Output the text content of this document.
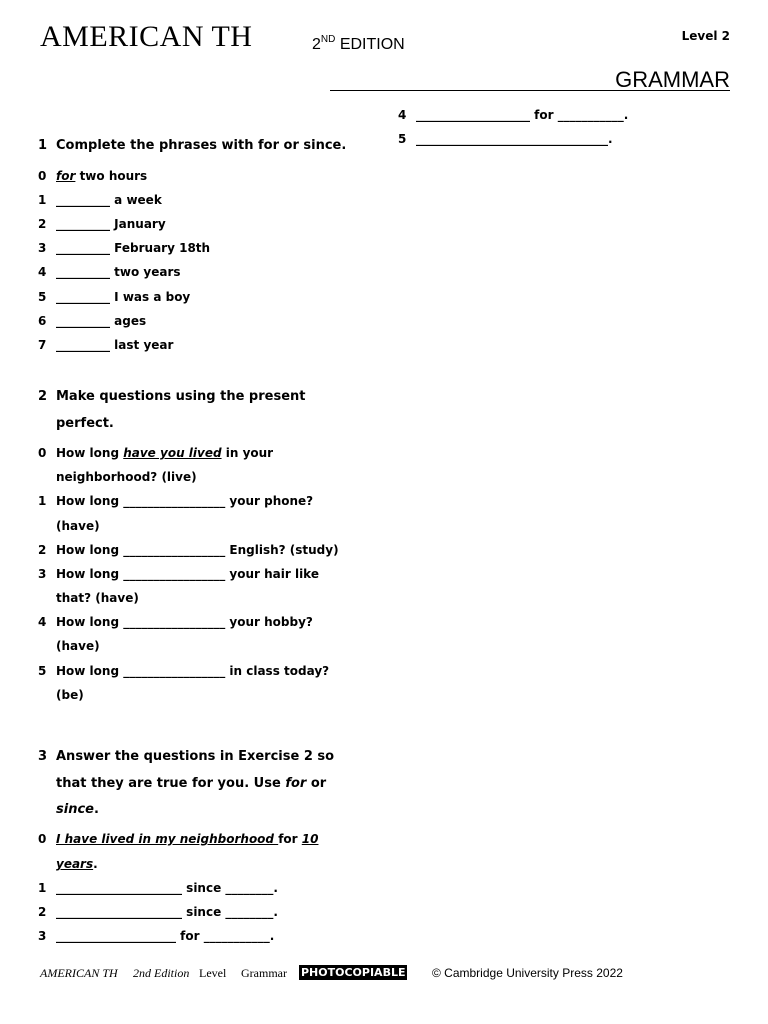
AMERICAN TH	2ND EDITION	Level 2
GRAMMAR
1 Complete the phrases with for or since.
0 for two hours
1 _________ a week
2 _________ January
3 _________ February 18th
4 _________ two years
5 _________ I was a boy
6 _________ ages
7 _________ last year
2 Make questions using the present
perfect.
0 How long have you lived in your
neighborhood? (live)
1 How long _________________ your phone?
(have)
2 How long _________________ English? (study)
3 How long _________________ your hair like
that? (have)
4 How long _________________ your hobby?
(have)
5 How long _________________ in class today?
(be)
3 Answer the questions in Exercise 2 so
that they are true for you. Use for or
since.
0 I have lived in my neighborhood for 10
years.
1 _____________________ since ________.
2 _____________________ since ________.
3 ____________________ for ___________.
4 ___________________ for ___________.
5 ________________________________.
AMERICAN TH 2nd Edition Level Grammar PHOTOCOPIABLE © Cambridge University Press 2022
